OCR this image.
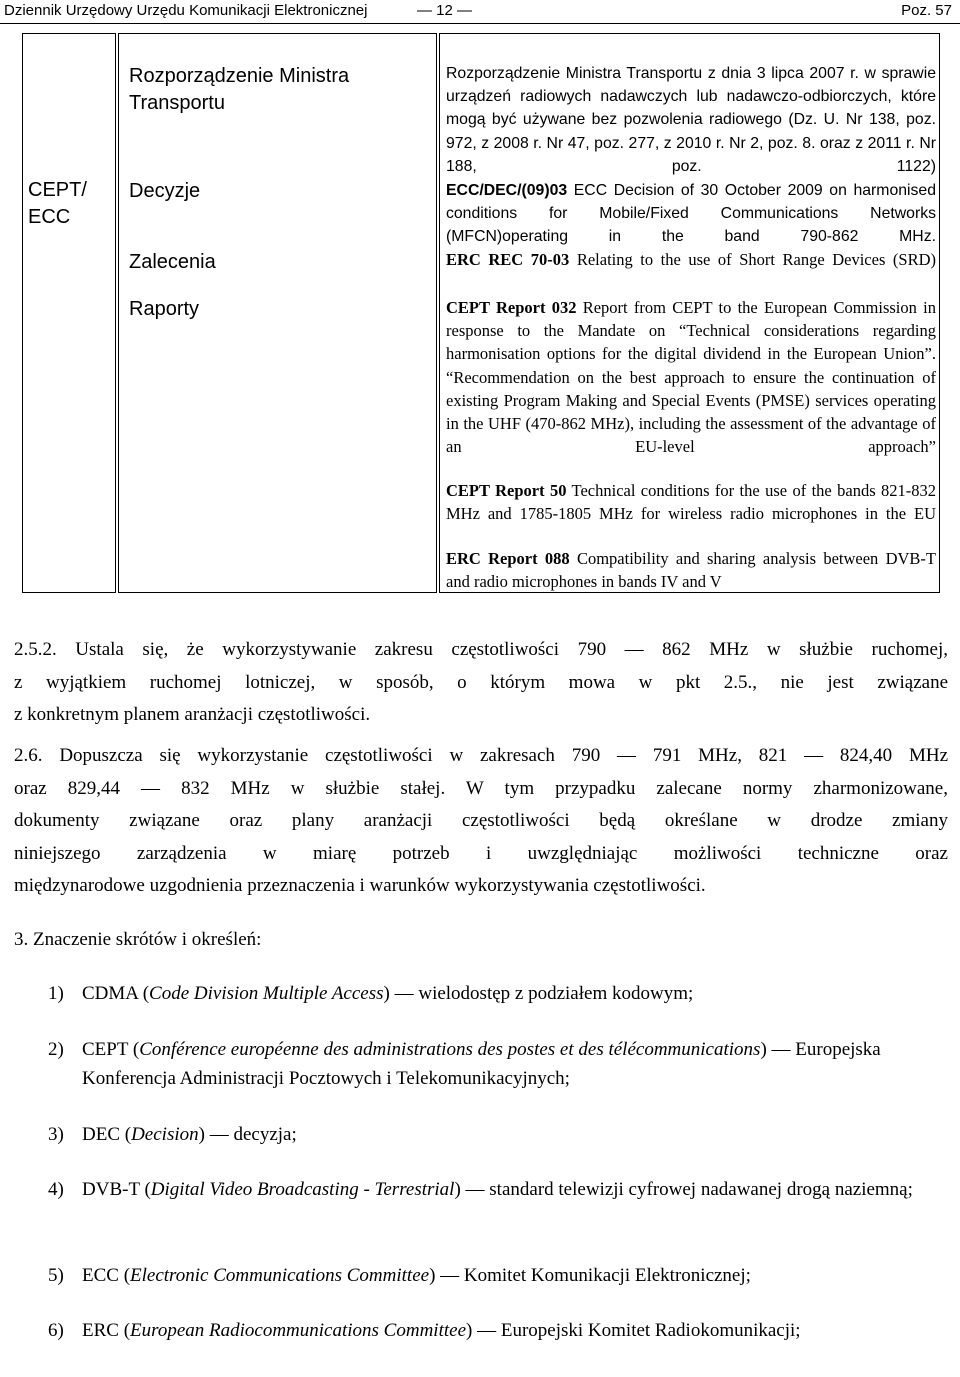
Dziennik Urzędowy Urzędu Komunikacji Elektronicznej	— 12 —	Poz. 57
CEPT/
ECC
Rozporządzenie Ministra
Transportu
Decyzje
Zalecenia
Raporty
Rozporządzenie Ministra Transportu z dnia 3 lipca 2007 r. w sprawie urządzeń radiowych nadawczych lub nadawczo-odbiorczych, które mogą być używane bez pozwolenia radiowego (Dz. U. Nr 138, poz. 972, z 2008 r. Nr 47, poz. 277, z 2010 r. Nr 2, poz. 8. oraz z 2011 r. Nr 188, poz. 1122)
ECC/DEC/(09)03 ECC Decision of 30 October 2009 on harmonised conditions for Mobile/Fixed Communications Networks (MFCN)operating in the band 790-862 MHz.
ERC REC 70-03 Relating to the use of Short Range Devices (SRD)
CEPT Report 032 Report from CEPT to the European Commission in response to the Mandate on “Technical considerations regarding harmonisation options for the digital dividend in the European Union”. “Recommendation on the best approach to ensure the continuation of existing Program Making and Special Events (PMSE) services operating in the UHF (470-862 MHz), including the assessment of the advantage of an EU-level approach”
CEPT Report 50 Technical conditions for the use of the bands 821-832 MHz and 1785-1805 MHz for wireless radio microphones in the EU
ERC Report 088 Compatibility and sharing analysis between DVB-T and radio microphones in bands IV and V
2.5.2. Ustala się, że wykorzystywanie zakresu częstotliwości 790 — 862 MHz w służbie ruchomej,
z wyjątkiem ruchomej lotniczej, w sposób, o którym mowa w pkt 2.5., nie jest związane
z konkretnym planem aranżacji częstotliwości.
2.6. Dopuszcza się wykorzystanie częstotliwości w zakresach 790 — 791 MHz, 821 — 824,40 MHz
oraz 829,44 — 832 MHz w służbie stałej. W tym przypadku zalecane normy zharmonizowane,
dokumenty związane oraz plany aranżacji częstotliwości będą określane w drodze zmiany
niniejszego zarządzenia w miarę potrzeb i uwzględniając możliwości techniczne oraz
międzynarodowe uzgodnienia przeznaczenia i warunków wykorzystywania częstotliwości.
3. Znaczenie skrótów i określeń:
1) CDMA (Code Division Multiple Access) — wielodostęp z podziałem kodowym;
2) CEPT (Conférence européenne des administrations des postes et des télécommunications) — Europejska Konferencja Administracji Pocztowych i Telekomunikacyjnych;
3) DEC (Decision) — decyzja;
4) DVB-T (Digital Video Broadcasting - Terrestrial) — standard telewizji cyfrowej nadawanej drogą naziemną;
5) ECC (Electronic Communications Committee) — Komitet Komunikacji Elektronicznej;
6) ERC (European Radiocommunications Committee) — Europejski Komitet Radiokomunikacji;
